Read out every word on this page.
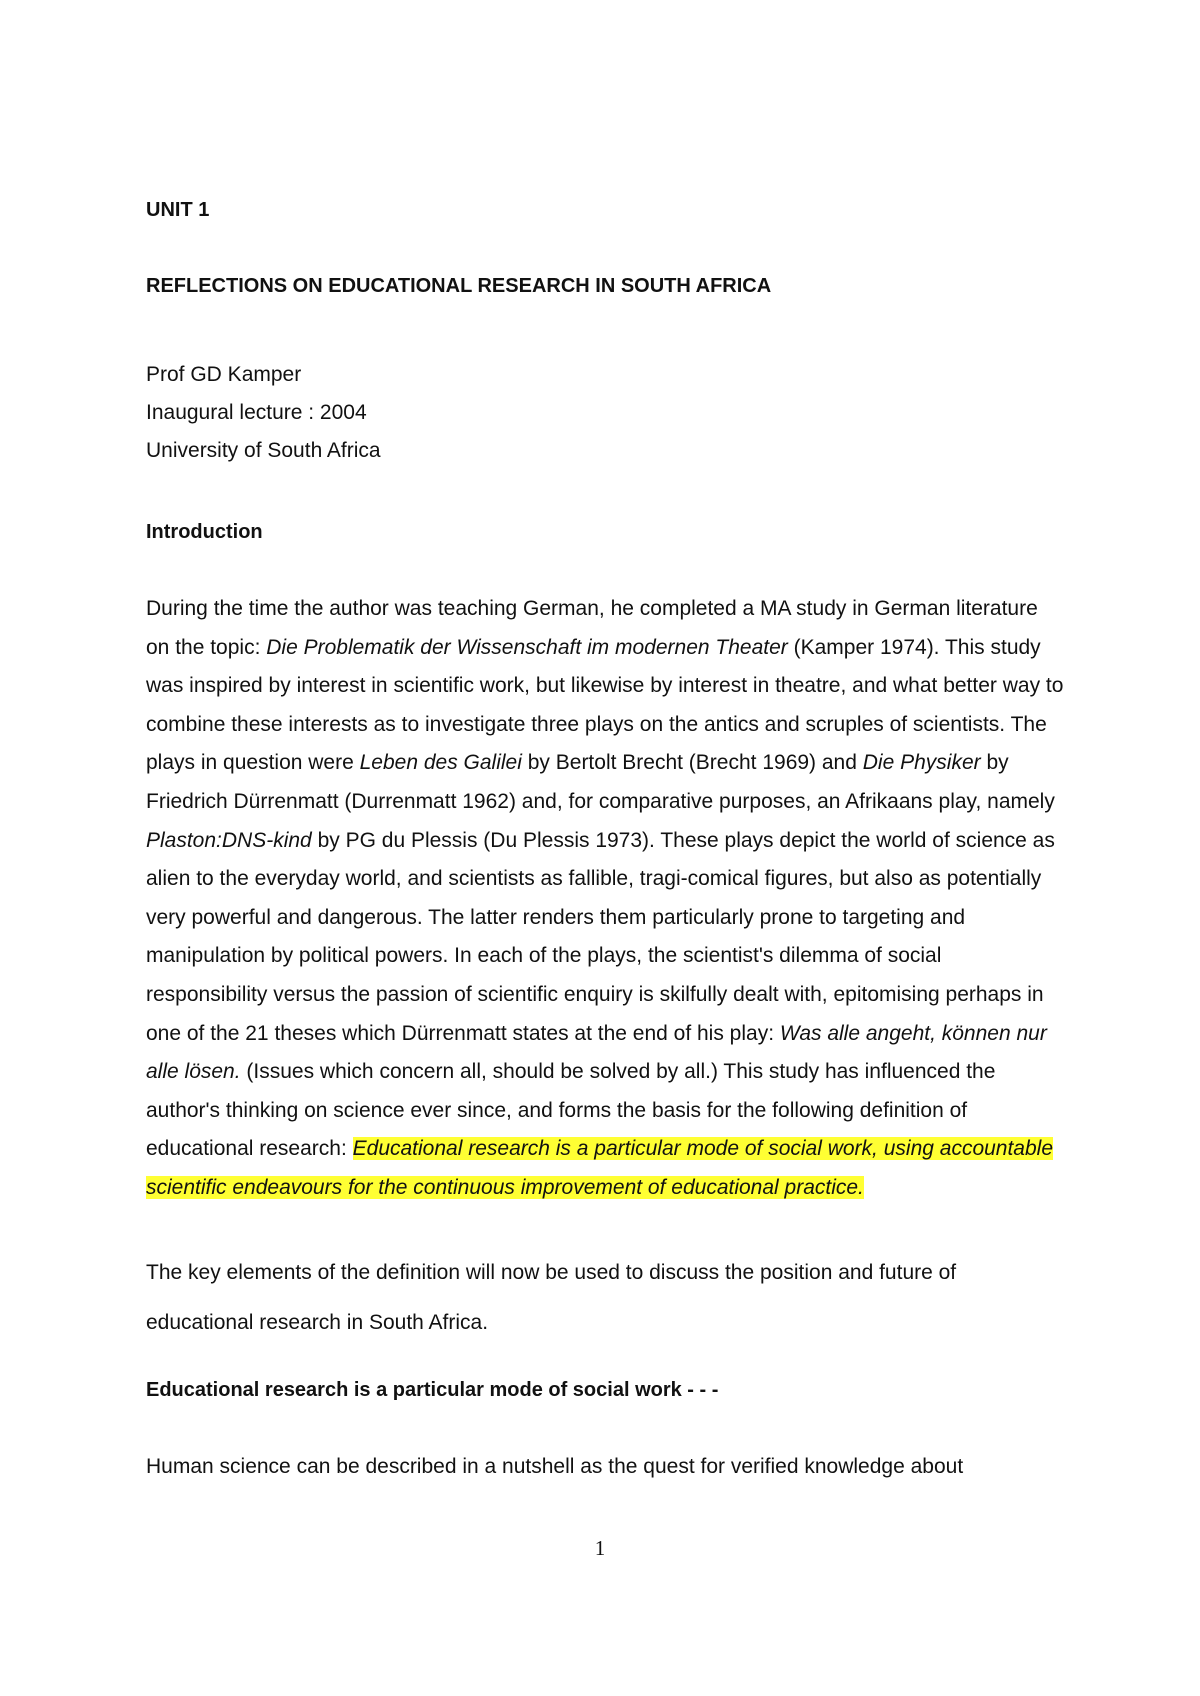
UNIT 1

REFLECTIONS ON EDUCATIONAL RESEARCH IN SOUTH AFRICA

Prof GD Kamper
Inaugural lecture : 2004
University of South Africa

Introduction

During the time the author was teaching German, he completed a MA study in German literature on the topic: Die Problematik der Wissenschaft im modernen Theater (Kamper 1974). This study was inspired by interest in scientific work, but likewise by interest in theatre, and what better way to combine these interests as to investigate three plays on the antics and scruples of scientists. The plays in question were Leben des Galilei by Bertolt Brecht (Brecht 1969) and Die Physiker by Friedrich Dürrenmatt (Durrenmatt 1962) and, for comparative purposes, an Afrikaans play, namely Plaston:DNS-kind by PG du Plessis (Du Plessis 1973). These plays depict the world of science as alien to the everyday world, and scientists as fallible, tragi-comical figures, but also as potentially very powerful and dangerous. The latter renders them particularly prone to targeting and manipulation by political powers. In each of the plays, the scientist's dilemma of social responsibility versus the passion of scientific enquiry is skilfully dealt with, epitomising perhaps in one of the 21 theses which Dürrenmatt states at the end of his play: Was alle angeht, können nur alle lösen. (Issues which concern all, should be solved by all.) This study has influenced the author's thinking on science ever since, and forms the basis for the following definition of educational research: Educational research is a particular mode of social work, using accountable scientific endeavours for the continuous improvement of educational practice.

The key elements of the definition will now be used to discuss the position and future of educational research in South Africa.

Educational research is a particular mode of social work - - -

Human science can be described in a nutshell as the quest for verified knowledge about

1
